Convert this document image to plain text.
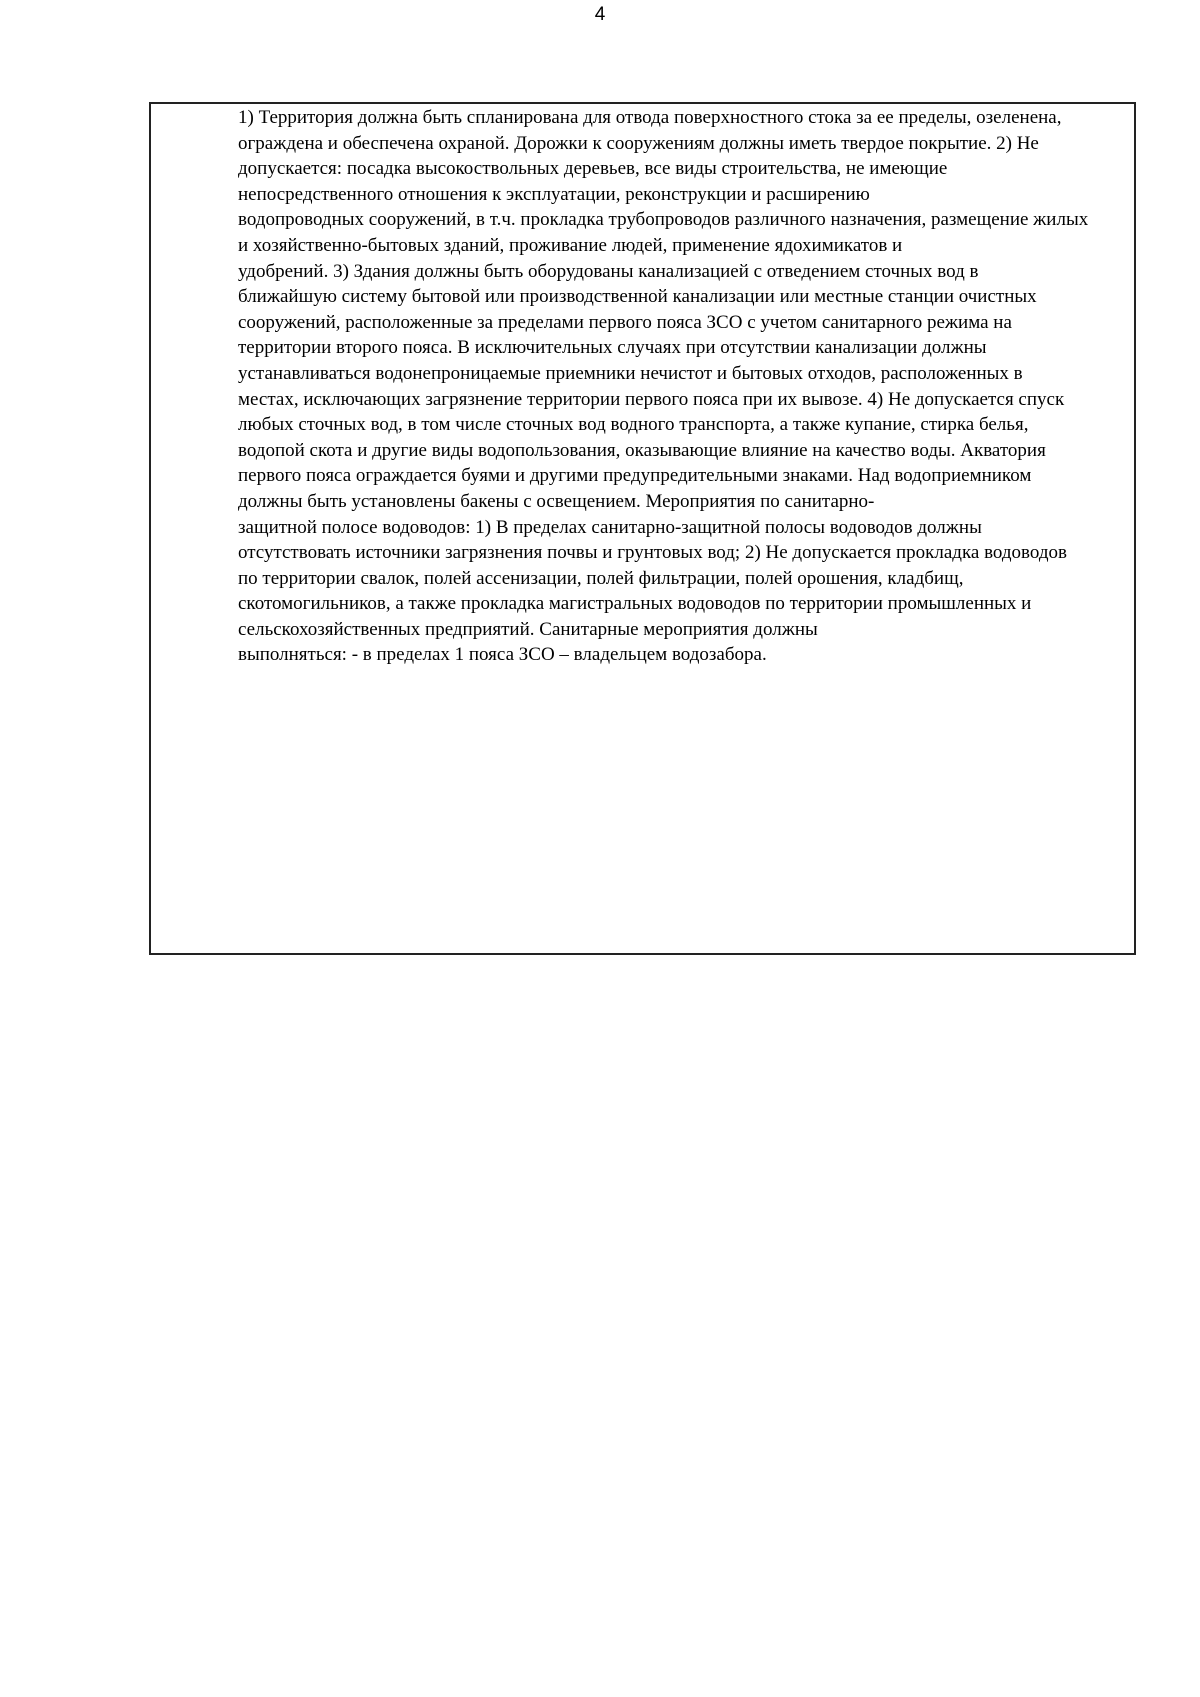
4
1) Территория должна быть спланирована для отвода поверхностного стока за ее пределы, озеленена,
ограждена и обеспечена охраной. Дорожки к сооружениям должны иметь твердое покрытие. 2) Не
допускается: посадка высокоствольных деревьев, все виды строительства, не имеющие
непосредственного отношения к эксплуатации, реконструкции и расширению
водопроводных сооружений, в т.ч. прокладка трубопроводов различного назначения, размещение жилых
и хозяйственно-бытовых зданий, проживание людей, применение ядохимикатов и
удобрений. 3) Здания должны быть оборудованы канализацией с отведением сточных вод в
ближайшую систему бытовой или производственной канализации или местные станции очистных
сооружений, расположенные за пределами первого пояса ЗСО с учетом санитарного режима на
территории второго пояса. В исключительных случаях при отсутствии канализации должны
устанавливаться водонепроницаемые приемники нечистот и бытовых отходов, расположенных в
местах, исключающих загрязнение территории первого пояса при их вывозе. 4) Не допускается спуск
любых сточных вод, в том числе сточных вод водного транспорта, а также купание, стирка белья,
водопой скота и другие виды водопользования, оказывающие влияние на качество воды. Акватория
первого пояса ограждается буями и другими предупредительными знаками. Над водоприемником
должны быть установлены бакены с освещением. Мероприятия по санитарно-
защитной полосе водоводов: 1) В пределах санитарно-защитной полосы водоводов должны
отсутствовать источники загрязнения почвы и грунтовых вод; 2) Не допускается прокладка водоводов
по территории свалок, полей ассенизации, полей фильтрации, полей орошения, кладбищ,
скотомогильников, а также прокладка магистральных водоводов по территории промышленных и
сельскохозяйственных предприятий. Санитарные мероприятия должны
выполняться: - в пределах 1 пояса ЗСО – владельцем водозабора.
